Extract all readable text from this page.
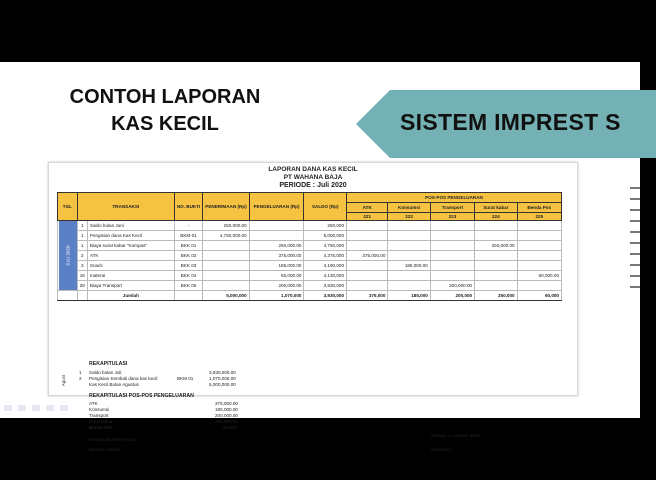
CONTOH LAPORAN
KAS KECIL	SISTEM IMPREST S
LAPORAN DANA KAS KECIL
PT WAHANA BAJA
PERIODE : Juli 2020
TGL	TRANSAKSI		NO. BUKTI	PENERIMAAN (Rp)	PENGELUARAN (Rp)	SALDO (Rp)	POS-POS PENGELUARAN				
							ATK	Konsumsi	Transport	Surat kabar	Benda Pos
							221	222	223	224	225
JULI 2020	1	Saldo bulan Juni	-	250,000.00		250,000					
	1	Pengisian dana Kas Kecil	BKM-01	4,750,000.00		5,000,000					
	1	Biaya surat kabar "Kompas"	BKK 01		250,000.00	4,750,000				250,000.00	
	2	ATK	BKK 02		375,000.00	4,375,000	375,000.00				
	3	Snack	BKK 03		185,000.00	4,190,000		185,000.00			
	16	materai	BKK 04		60,000.00	4,130,000					60,000.00
	28	Biaya Transport	BKK 05		200,000.00	3,930,000			200,000.00		
		Jumlah		5,000,000	1,070,000	3,930,000	375,000	185,000	200,000	250,000	60,000
Agust
REKAPITULASI
1 Saldo bulan Juli	3,930,000.00
2 Pengisian Kembali dana kas kecil	BKM 01	1,070,000.00
Kas Kecil Bulan Agustus	5,000,000.00
REKAPITULASI POS-POS PENGELUARAN
ATK	375,000.00
Konsumsi	185,000.00
Transport	200,000.00
Surat kabar	250,000.00
Benda Pos	60,000
Mengetahui/Menyetujui :
Direktur Utama,
Serang, 2 Agustus 2020
Sekretaris,
